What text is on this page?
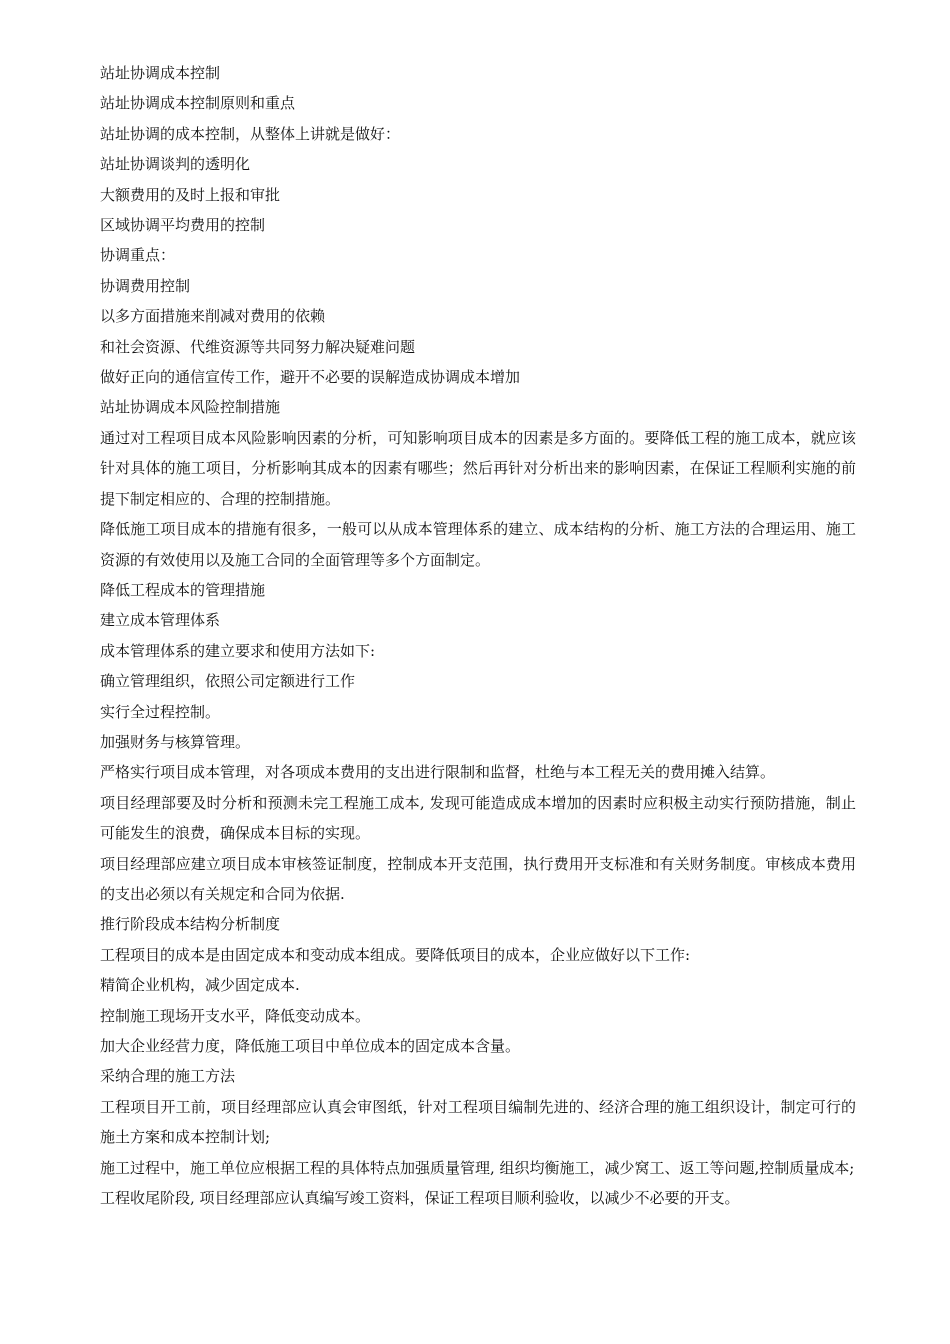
站址协调成本控制

站址协调成本控制原则和重点

站址协调的成本控制，从整体上讲就是做好：

站址协调谈判的透明化

大额费用的及时上报和审批

区域协调平均费用的控制

协调重点：

协调费用控制

以多方面措施来削减对费用的依赖

和社会资源、代维资源等共同努力解决疑难问题

做好正向的通信宣传工作，避开不必要的误解造成协调成本增加

站址协调成本风险控制措施

通过对工程项目成本风险影响因素的分析，可知影响项目成本的因素是多方面的。要降低工程的施工成本，就应该针对具体的施工项目，分析影响其成本的因素有哪些；然后再针对分析出来的影响因素，在保证工程顺利实施的前提下制定相应的、合理的控制措施。

降低施工项目成本的措施有很多，一般可以从成本管理体系的建立、成本结构的分析、施工方法的合理运用、施工资源的有效使用以及施工合同的全面管理等多个方面制定。

降低工程成本的管理措施

建立成本管理体系

成本管理体系的建立要求和使用方法如下:

确立管理组织，依照公司定额进行工作

实行全过程控制。

加强财务与核算管理。

严格实行项目成本管理，对各项成本费用的支出进行限制和监督，杜绝与本工程无关的费用摊入结算。

项目经理部要及时分析和预测未完工程施工成本, 发现可能造成成本增加的因素时应积极主动实行预防措施，制止可能发生的浪费，确保成本目标的实现。

项目经理部应建立项目成本审核签证制度，控制成本开支范围，执行费用开支标准和有关财务制度。审核成本费用的支出必须以有关规定和合同为依据.

推行阶段成本结构分析制度

工程项目的成本是由固定成本和变动成本组成。要降低项目的成本，企业应做好以下工作:

精简企业机构，减少固定成本.

控制施工现场开支水平，降低变动成本。

加大企业经营力度，降低施工项目中单位成本的固定成本含量。

采纳合理的施工方法

工程项目开工前，项目经理部应认真会审图纸，针对工程项目编制先进的、经济合理的施工组织设计，制定可行的施土方案和成本控制计划;

施工过程中，施工单位应根据工程的具体特点加强质量管理, 组织均衡施工，减少窝工、返工等问题,控制质量成本;

工程收尾阶段, 项目经理部应认真编写竣工资料，保证工程项目顺利验收，以减少不必要的开支。
